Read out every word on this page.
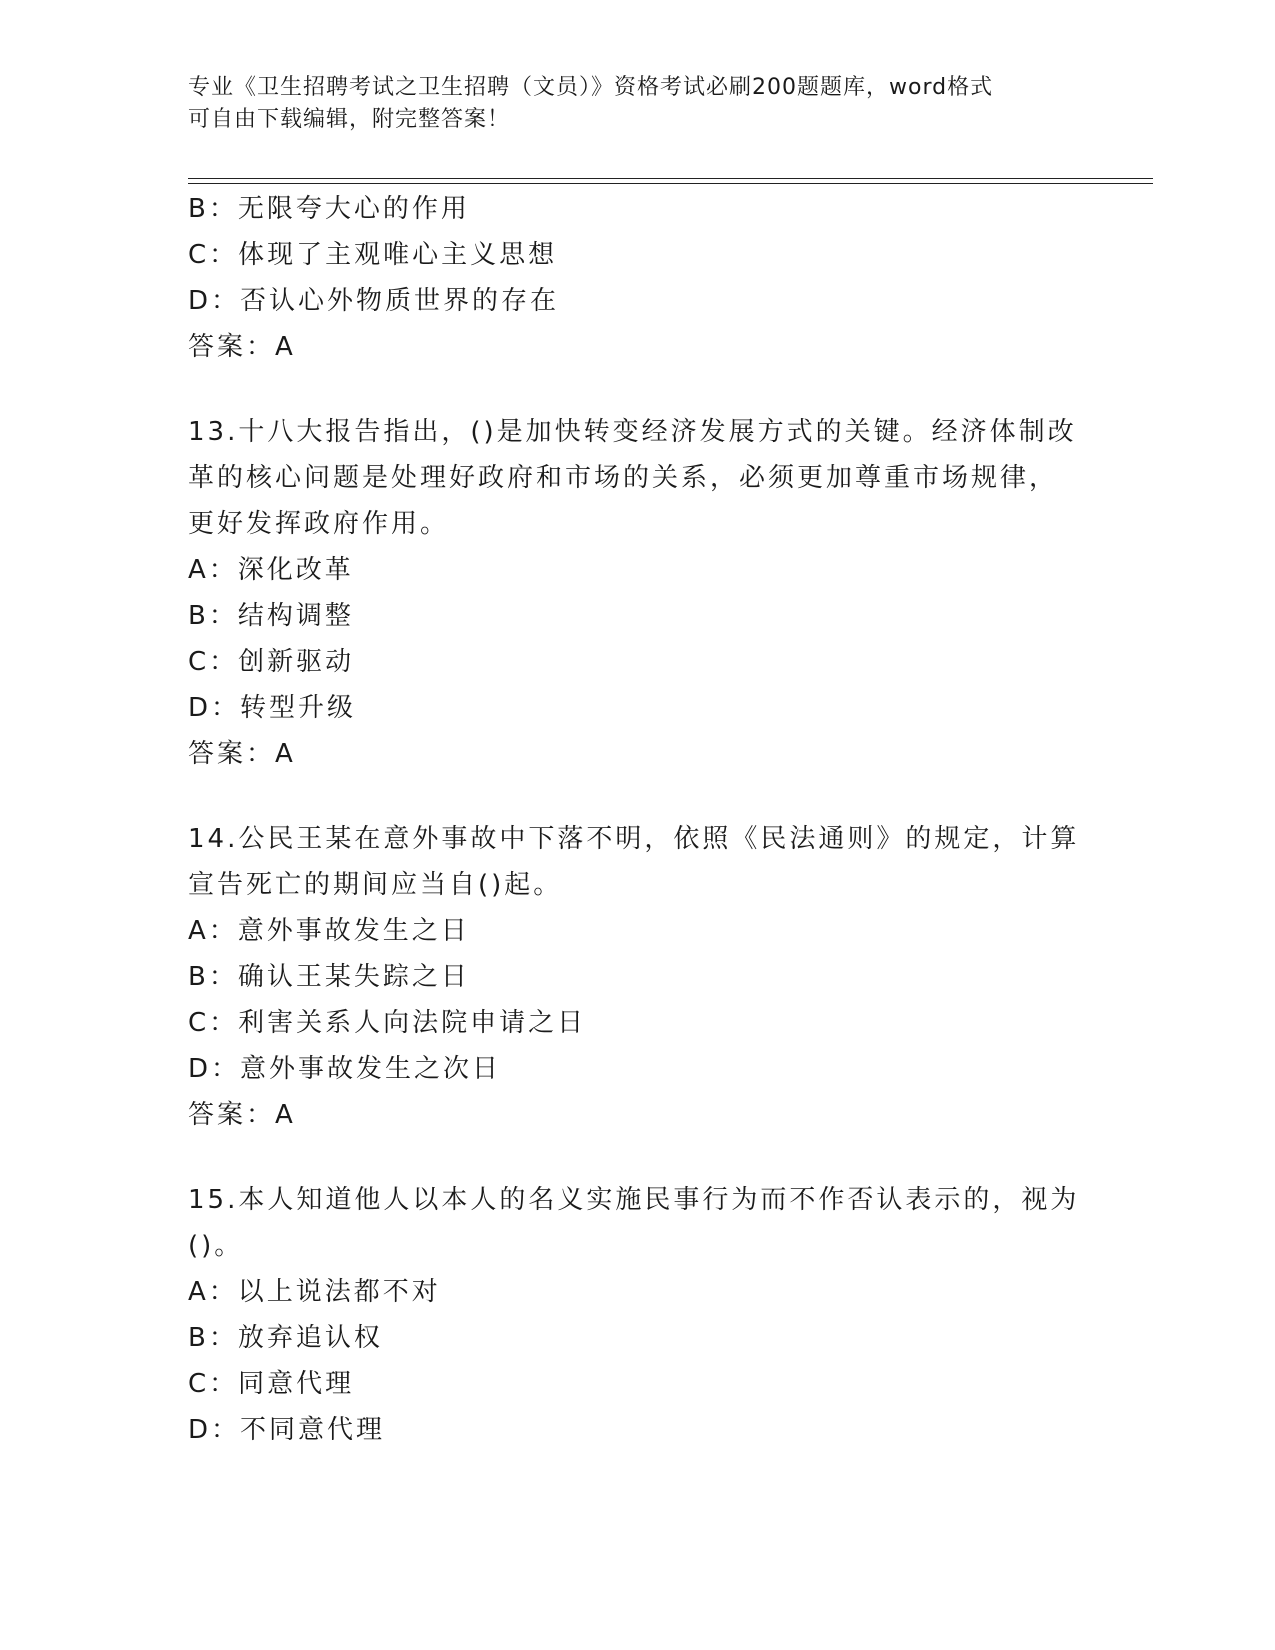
专业《卫生招聘考试之卫生招聘（文员）》资格考试必刷200题题库，word格式
可自由下载编辑，附完整答案！
B：无限夸大心的作用
C：体现了主观唯心主义思想
D：否认心外物质世界的存在
答案：A
13.十八大报告指出，()是加快转变经济发展方式的关键。经济体制改
革的核心问题是处理好政府和市场的关系，必须更加尊重市场规律，
更好发挥政府作用。
A：深化改革
B：结构调整
C：创新驱动
D：转型升级
答案：A
14.公民王某在意外事故中下落不明，依照《民法通则》的规定，计算
宣告死亡的期间应当自()起。
A：意外事故发生之日
B：确认王某失踪之日
C：利害关系人向法院申请之日
D：意外事故发生之次日
答案：A
15.本人知道他人以本人的名义实施民事行为而不作否认表示的，视为
()。
A：以上说法都不对
B：放弃追认权
C：同意代理
D：不同意代理
